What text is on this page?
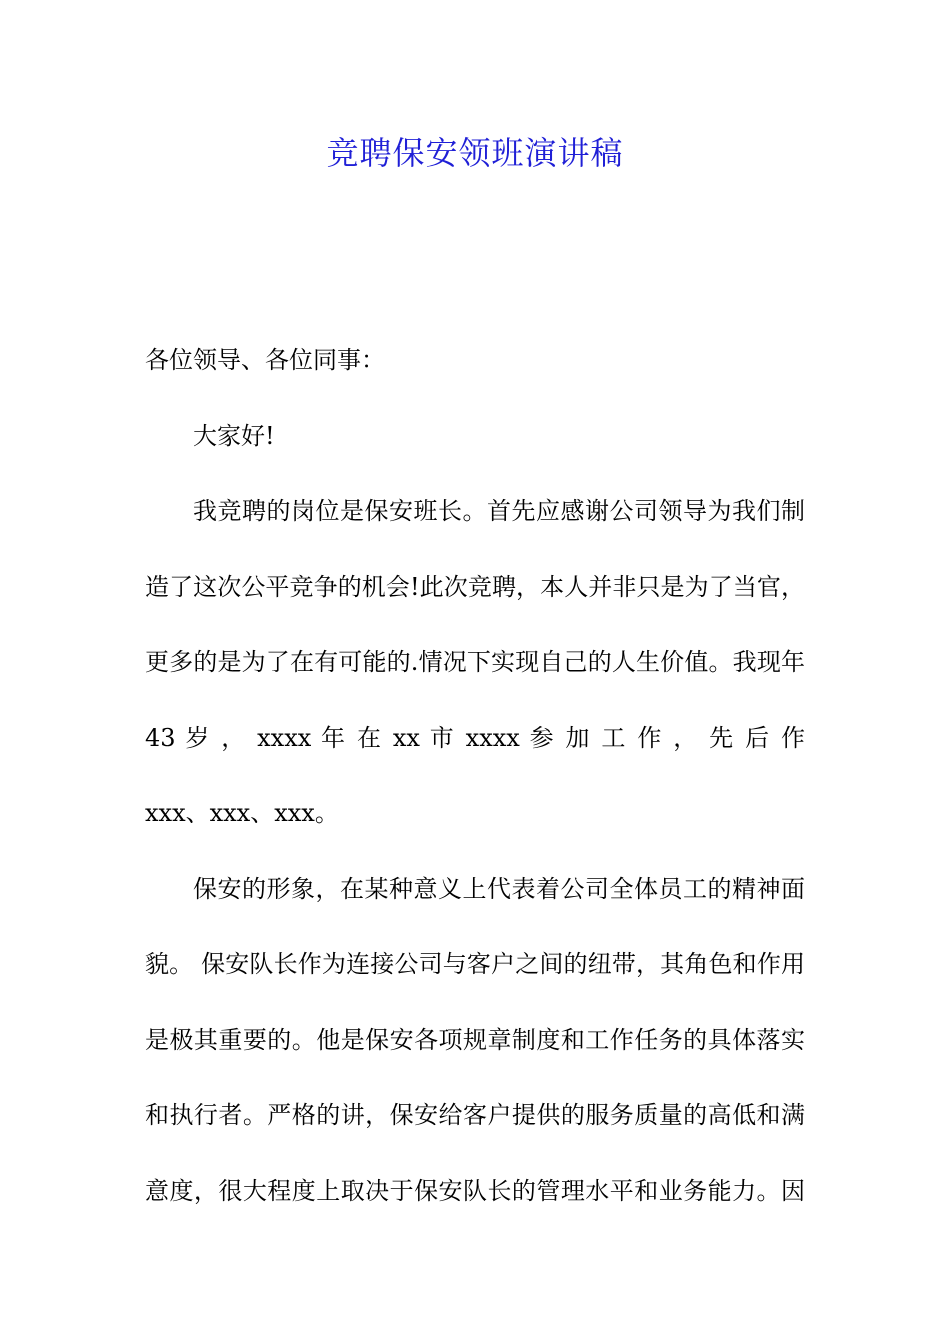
竞聘保安领班演讲稿
各位领导、各位同事：
大家好!
我竞聘的岗位是保安班长。首先应感谢公司领导为我们制
造了这次公平竞争的机会!此次竞聘，本人并非只是为了当官，
更多的是为了在有可能的.情况下实现自己的人生价值。我现年
43 岁 ， xxxx 年 在 xx 市 xxxx 参 加 工 作 ， 先 后 作
xxx、xxx、xxx。
保安的形象，在某种意义上代表着公司全体员工的精神面
貌。 保安队长作为连接公司与客户之间的纽带，其角色和作用
是极其重要的。他是保安各项规章制度和工作任务的具体落实
和执行者。严格的讲，保安给客户提供的服务质量的高低和满
意度，很大程度上取决于保安队长的管理水平和业务能力。因
